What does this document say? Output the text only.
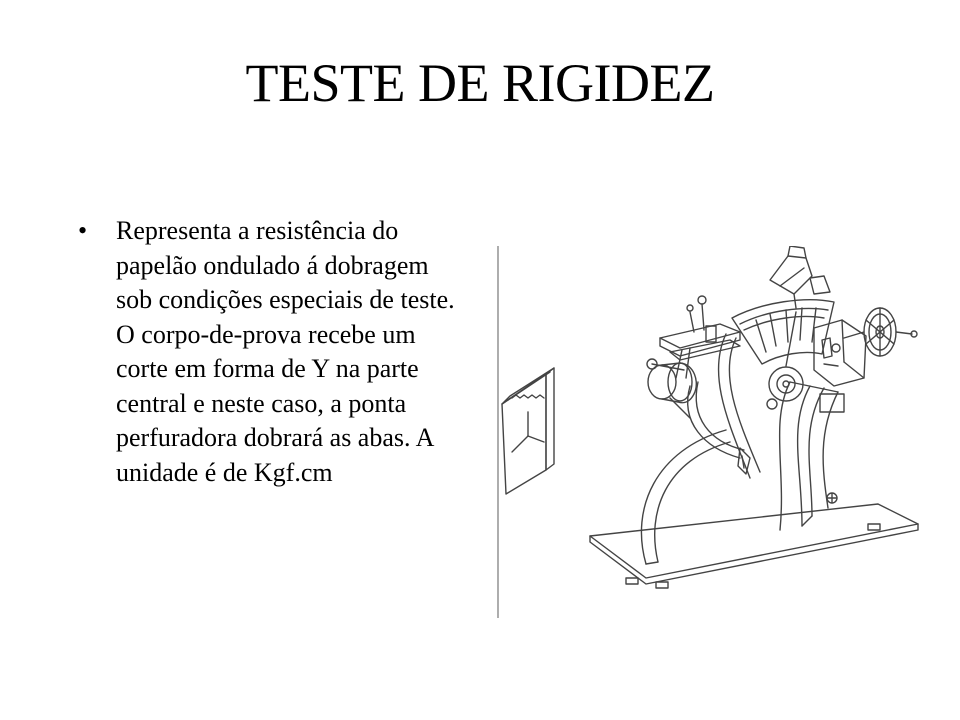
TESTE DE RIGIDEZ
• Representa a resistência do papelão ondulado á dobragem sob condições especiais de teste. O corpo-de-prova recebe um corte em forma de Y na parte central e neste caso, a ponta perfuradora dobrará as abas. A unidade é de Kgf.cm
